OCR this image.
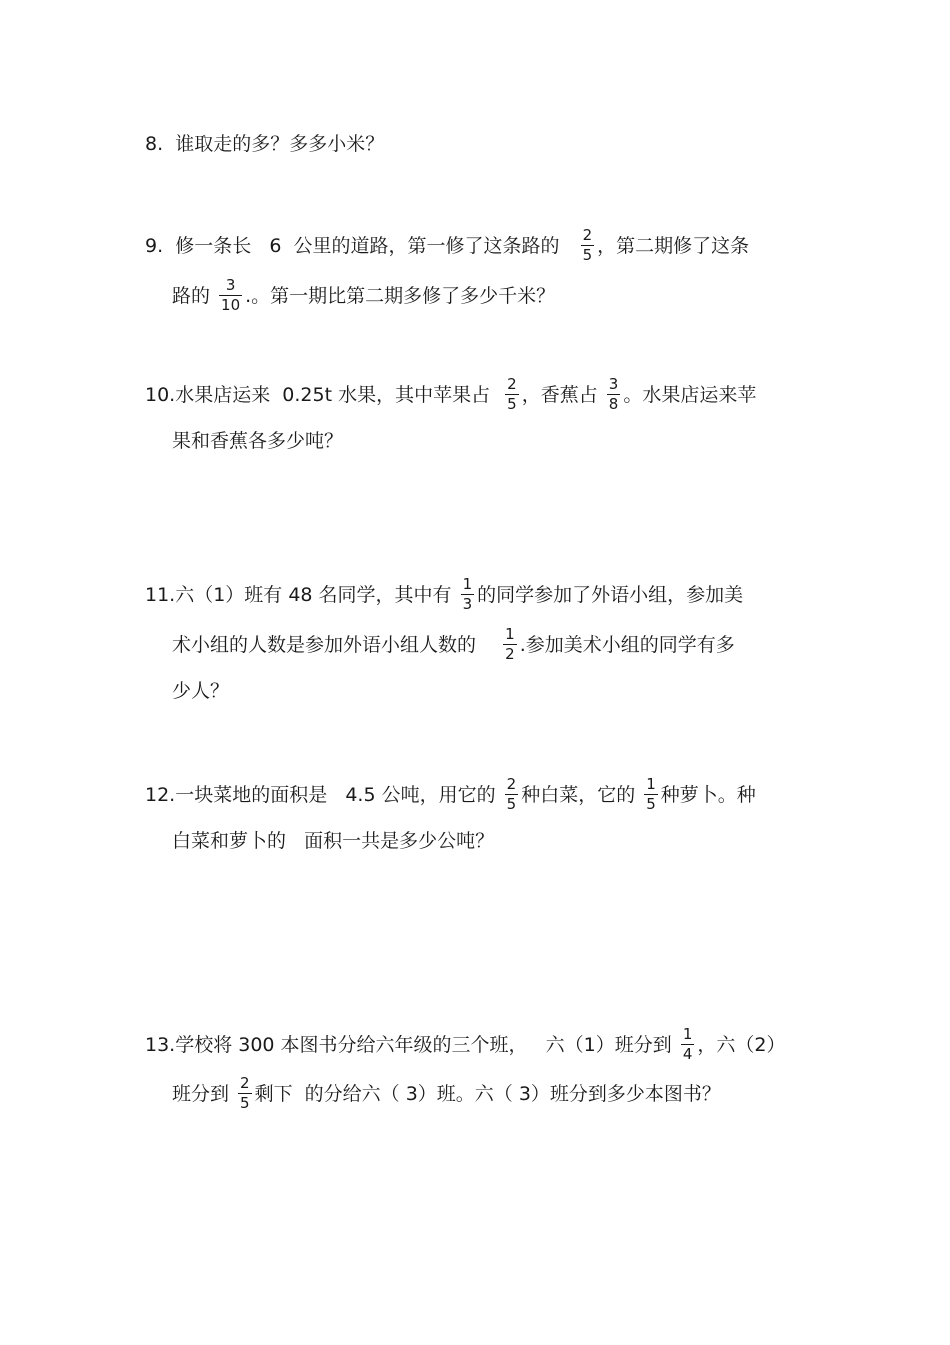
8.  谁取走的多？多多小米？
9.  修一条长   6  公里的道路，第一修了这条路的 $\frac{2}{5}$ ，第二期修了这条
路的 $\frac{3}{10}$ .。第一期比第二期多修了多少千米？
10.水果店运来  0.25t 水果，其中苹果占 $\frac{2}{5}$ ，香蕉占 $\frac{3}{8}$ 。水果店运来苹
果和香蕉各多少吨？
11.六（1）班有 48 名同学，其中有 $\frac{1}{3}$ 的同学参加了外语小组，参加美
术小组的人数是参加外语小组人数的 $\frac{1}{2}$ .参加美术小组的同学有多
少人？
12.一块菜地的面积是   4.5 公吨，用它的 $\frac{2}{5}$ 种白菜，它的 $\frac{1}{5}$ 种萝卜。种
白菜和萝卜的   面积一共是多少公吨？
13.学校将 300 本图书分给六年级的三个班，   六（1）班分到 $\frac{1}{4}$ ，六（2）
班分到 $\frac{2}{5}$ 剩下  的分给六（ 3）班。六（ 3）班分到多少本图书？
